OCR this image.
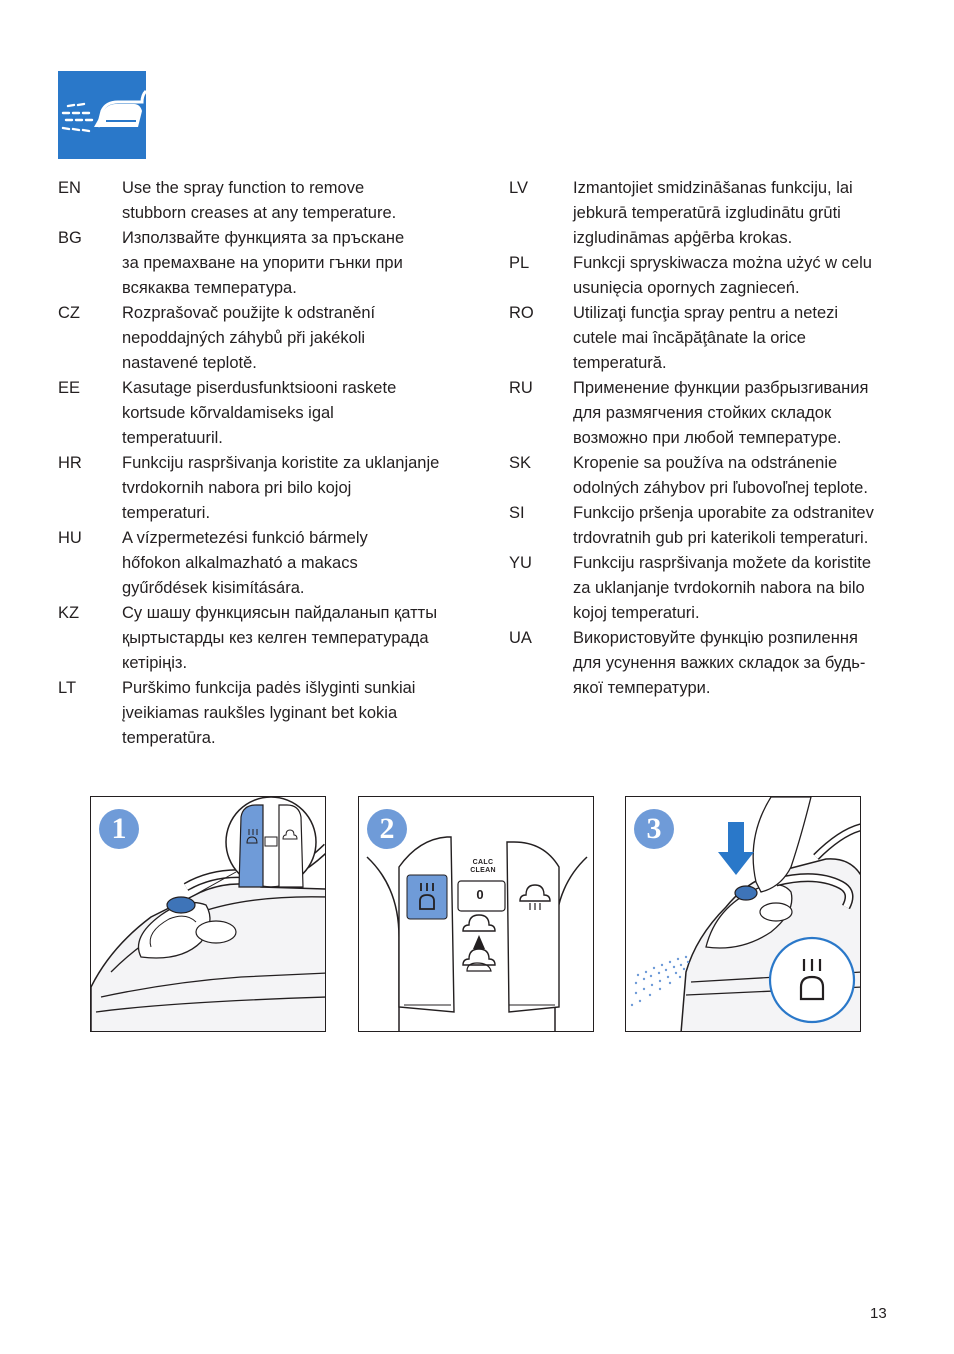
EN	Use the spray function to remove
stubborn creases at any temperature.
BG	Използвайте функцията за пръскане
за премахване на упорити гънки при
всякаква температура.
CZ	Rozprašovač použijte k odstranění
nepoddajných záhybů při jakékoli
nastavené teplotě.
EE	Kasutage piserdusfunktsiooni raskete
kortsude kõrvaldamiseks igal
temperatuuril.
HR	Funkciju raspršivanja koristite za uklanjanje
tvrdokornih nabora pri bilo kojoj
temperaturi.
HU	A vízpermetezési funkció bármely
hőfokon alkalmazható a makacs
gyűrődések kisimítására.
KZ	Су шашу функциясын пайдаланып қатты
қыртыстарды кез келген температурада
кетіріңіз.
LT	Purškimo funkcija padės išlyginti sunkiai
įveikiamas raukšles lyginant bet kokia
temperatūra.
LV	Izmantojiet smidzināšanas funkciju, lai
jebkurā temperatūrā izgludinātu grūti
izgludināmas apģērba krokas.
PL	Funkcji spryskiwacza można użyć w celu
usunięcia opornych zagnieceń.
RO	Utilizaţi funcţia spray pentru a netezi
cutele mai încăpăţânate la orice
temperatură.
RU	Применение функции разбрызгивания
для размягчения стойких складок
возможно при любой температуре.
SK	Kropenie sa používa na odstránenie
odolných záhybov pri ľubovoľnej teplote.
SI	Funkcijo pršenja uporabite za odstranitev
trdovratnih gub pri katerikoli temperaturi.
YU	Funkciju raspršivanja možete da koristite
za uklanjanje tvrdokornih nabora na bilo
kojoj temperaturi.
UA	Використовуйте функцію розпилення
для усунення важких складок за будь-
якої температури.
1	2
CALC
CLEAN
0
3
13
